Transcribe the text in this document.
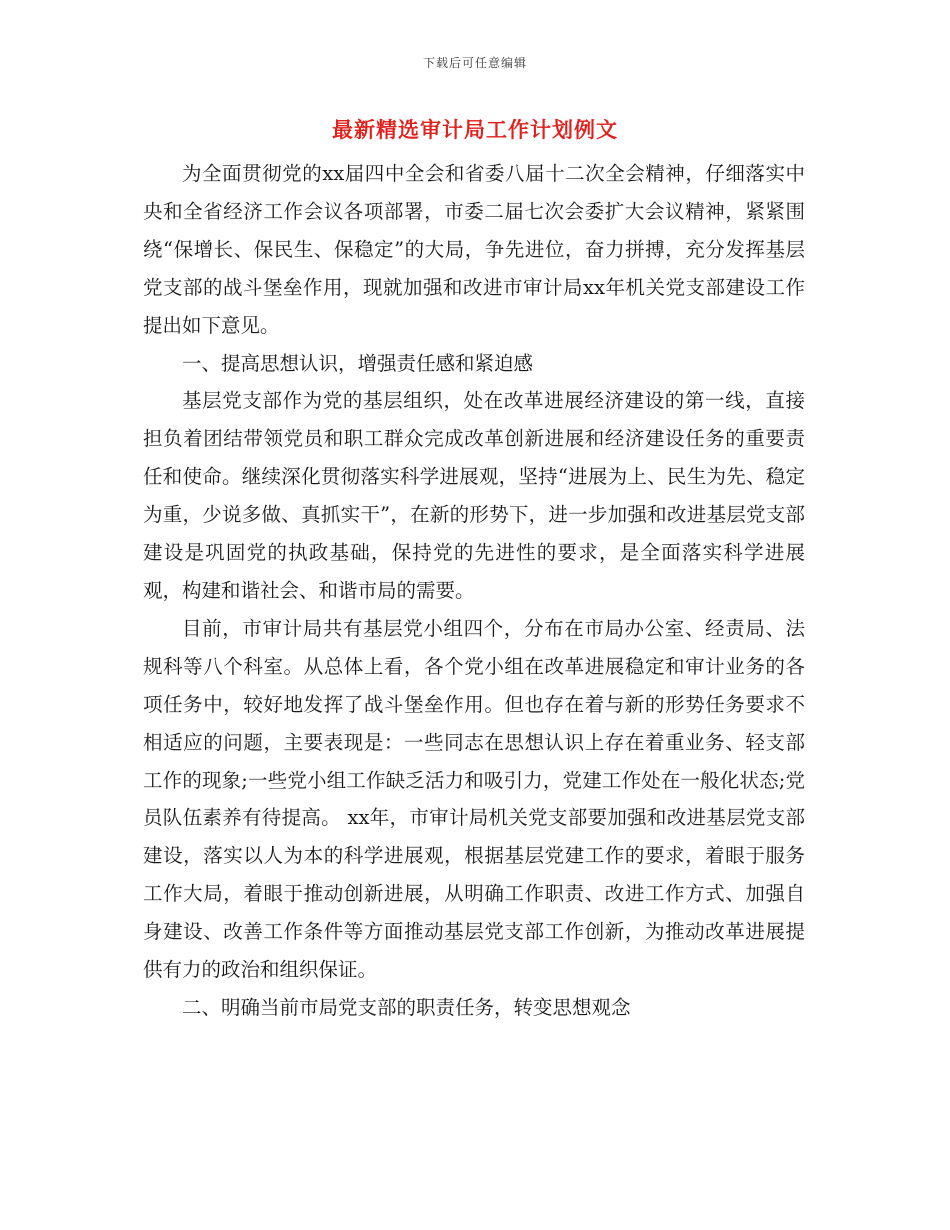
下载后可任意编辑
最新精选审计局工作计划例文

为全面贯彻党的xx届四中全会和省委八届十二次全会精神，仔细落实中央和全省经济工作会议各项部署，市委二届七次会委扩大会议精神，紧紧围绕“保增长、保民生、保稳定”的大局，争先进位，奋力拼搏，充分发挥基层党支部的战斗堡垒作用，现就加强和改进市审计局xx年机关党支部建设工作提出如下意见。

一、提高思想认识，增强责任感和紧迫感

基层党支部作为党的基层组织，处在改革进展经济建设的第一线，直接担负着团结带领党员和职工群众完成改革创新进展和经济建设任务的重要责任和使命。继续深化贯彻落实科学进展观，坚持“进展为上、民生为先、稳定为重，少说多做、真抓实干”，在新的形势下，进一步加强和改进基层党支部建设是巩固党的执政基础，保持党的先进性的要求，是全面落实科学进展观，构建和谐社会、和谐市局的需要。

目前，市审计局共有基层党小组四个，分布在市局办公室、经责局、法规科等八个科室。从总体上看，各个党小组在改革进展稳定和审计业务的各项任务中，较好地发挥了战斗堡垒作用。但也存在着与新的形势任务要求不相适应的问题，主要表现是：一些同志在思想认识上存在着重业务、轻支部工作的现象;一些党小组工作缺乏活力和吸引力，党建工作处在一般化状态;党员队伍素养有待提高。 xx年，市审计局机关党支部要加强和改进基层党支部建设，落实以人为本的科学进展观，根据基层党建工作的要求，着眼于服务工作大局，着眼于推动创新进展，从明确工作职责、改进工作方式、加强自身建设、改善工作条件等方面推动基层党支部工作创新，为推动改革进展提供有力的政治和组织保证。

二、明确当前市局党支部的职责任务，转变思想观念
